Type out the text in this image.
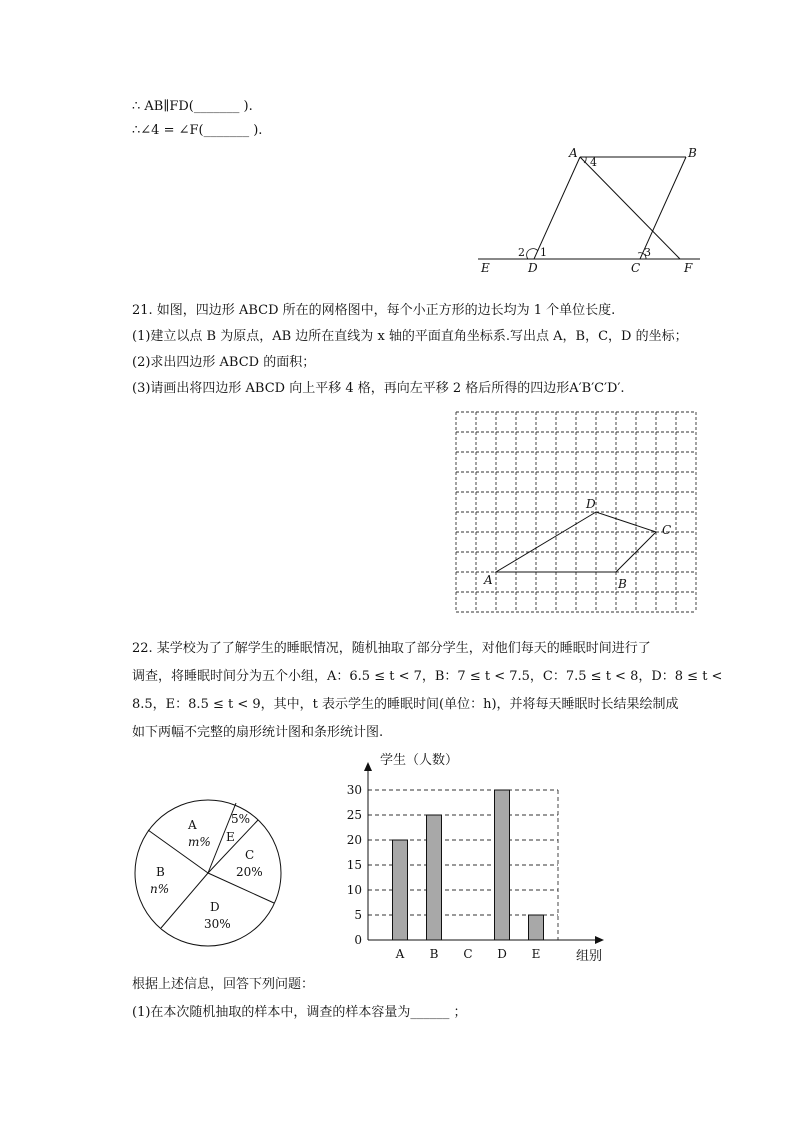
∴ AB∥FD(_______ ).
∴∠4 = ∠F(_______ ).
A	B
C
D
E	F
1
2	3
4
21. 如图，四边形 ABCD 所在的网格图中，每个小正方形的边长均为 1 个单位长度.
(1)建立以点 B 为原点，AB 边所在直线为 x 轴的平面直角坐标系.写出点 A，B，C，D 的坐标；
(2)求出四边形 ABCD 的面积；
(3)请画出将四边形 ABCD 向上平移 4 格，再向左平移 2 格后所得的四边形A′B′C′D′.
A	B
C
D
22. 某学校为了了解学生的睡眠情况，随机抽取了部分学生，对他们每天的睡眠时间进行了
调查，将睡眠时间分为五个小组，A：6.5 ≤ t < 7，B：7 ≤ t < 7.5，C：7.5 ≤ t < 8，D：8 ≤ t <
8.5，E：8.5 ≤ t < 9，其中，t 表示学生的睡眠时间(单位：h)，并将每天睡眠时长结果绘制成
如下两幅不完整的扇形统计图和条形统计图.
A
m%
B
n%
C
20%
D
30%
E
5%
学生（人数）
组别
0
5
10
15
20
25
30
A B C D E
根据上述信息，回答下列问题：
(1)在本次随机抽取的样本中，调查的样本容量为______ ；
